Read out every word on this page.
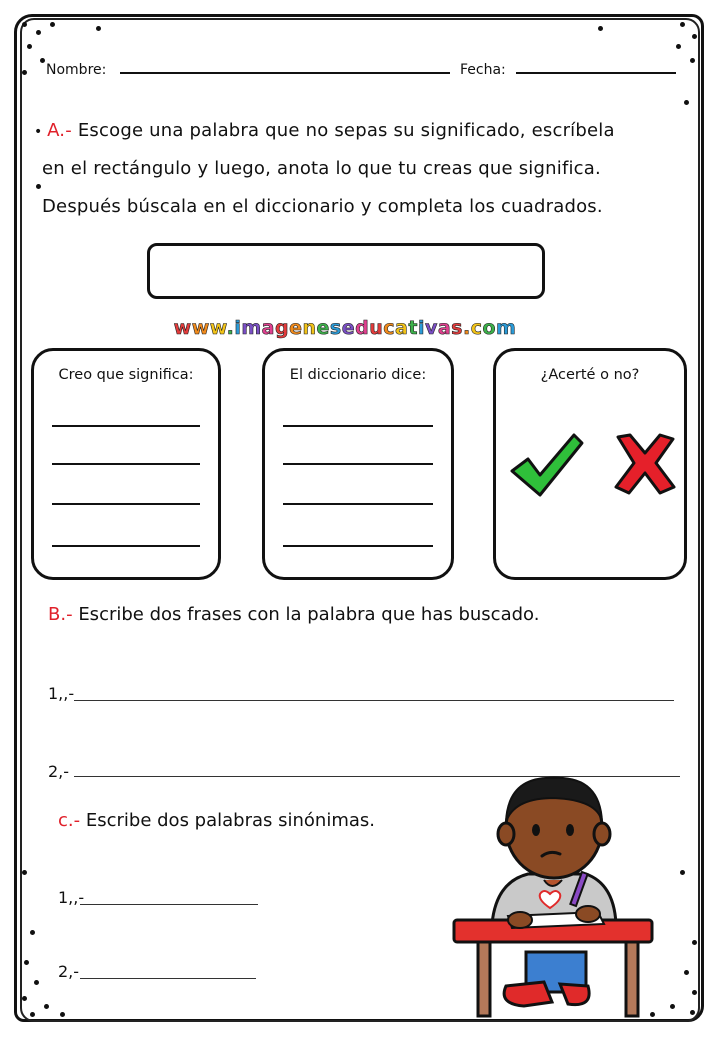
Nombre:	Fecha:
• A.- Escoge una palabra que no sepas su significado, escríbela
en el rectángulo y luego, anota lo que tu creas que significa.
Después búscala en el diccionario y completa los cuadrados.
www.imageneseducativas.com
Creo que significa:	El diccionario dice:	¿Acerté o no?
B.- Escribe dos frases con la palabra que has buscado.
1,,-
2,-
c.- Escribe dos palabras sinónimas.
1,,-
2,-
